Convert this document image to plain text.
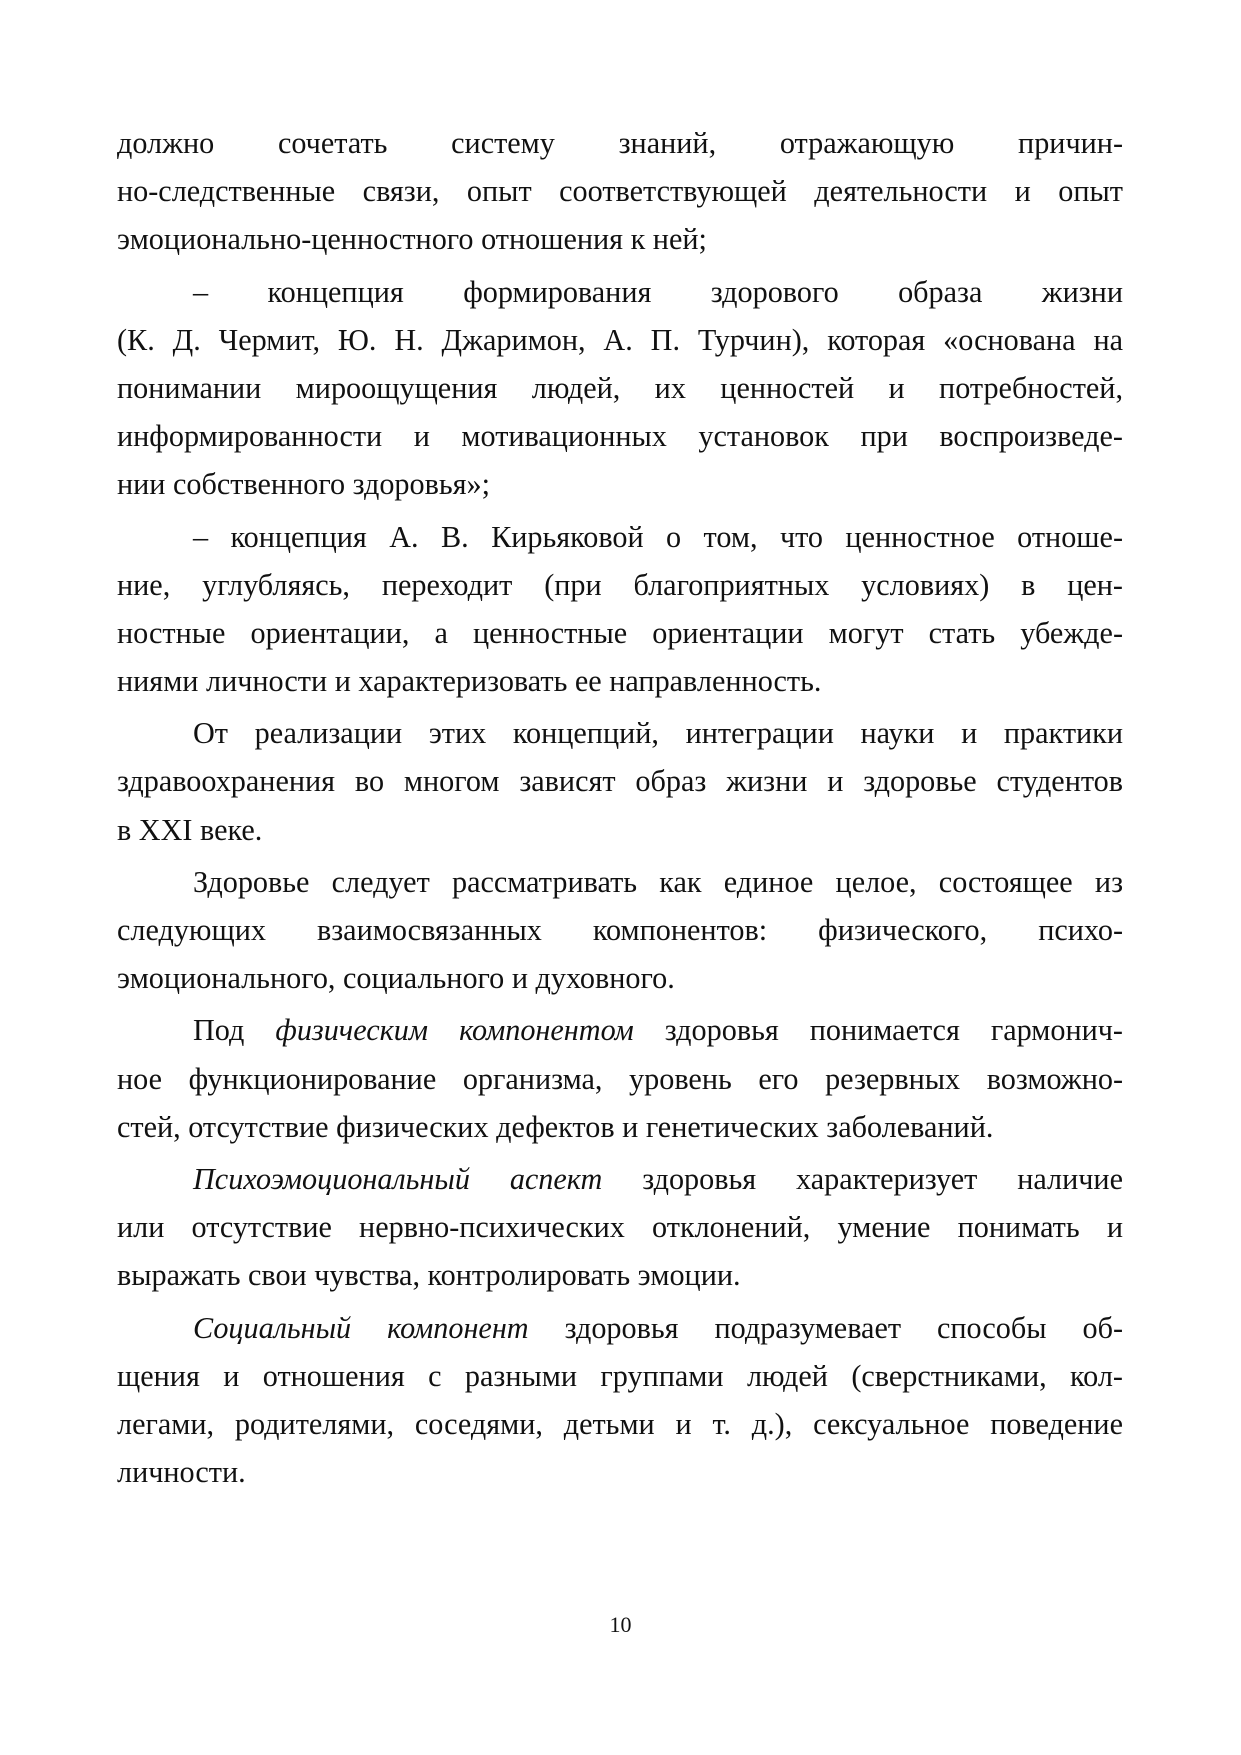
должно сочетать систему знаний, отражающую причин-
но-следственные связи, опыт соответствующей деятельности и опыт
эмоционально-ценностного отношения к ней;
– концепция формирования здорового образа жизни
(К. Д. Чермит, Ю. Н. Джаримон, А. П. Турчин), которая «основана на
понимании мироощущения людей, их ценностей и потребностей,
информированности и мотивационных установок при воспроизведе-
нии собственного здоровья»;
– концепция А. В. Кирьяковой о том, что ценностное отноше-
ние, углубляясь, переходит (при благоприятных условиях) в цен-
ностные ориентации, а ценностные ориентации могут стать убежде-
ниями личности и характеризовать ее направленность.
От реализации этих концепций, интеграции науки и практики
здравоохранения во многом зависят образ жизни и здоровье студентов
в XXI веке.
Здоровье следует рассматривать как единое целое, состоящее из
следующих взаимосвязанных компонентов: физического, психо-
эмоционального, социального и духовного.
Под физическим компонентом здоровья понимается гармонич-
ное функционирование организма, уровень его резервных возможно-
стей, отсутствие физических дефектов и генетических заболеваний.
Психоэмоциональный аспект здоровья характеризует наличие
или отсутствие нервно-психических отклонений, умение понимать и
выражать свои чувства, контролировать эмоции.
Социальный компонент здоровья подразумевает способы об-
щения и отношения с разными группами людей (сверстниками, кол-
легами, родителями, соседями, детьми и т. д.), сексуальное поведение
личности.
10
